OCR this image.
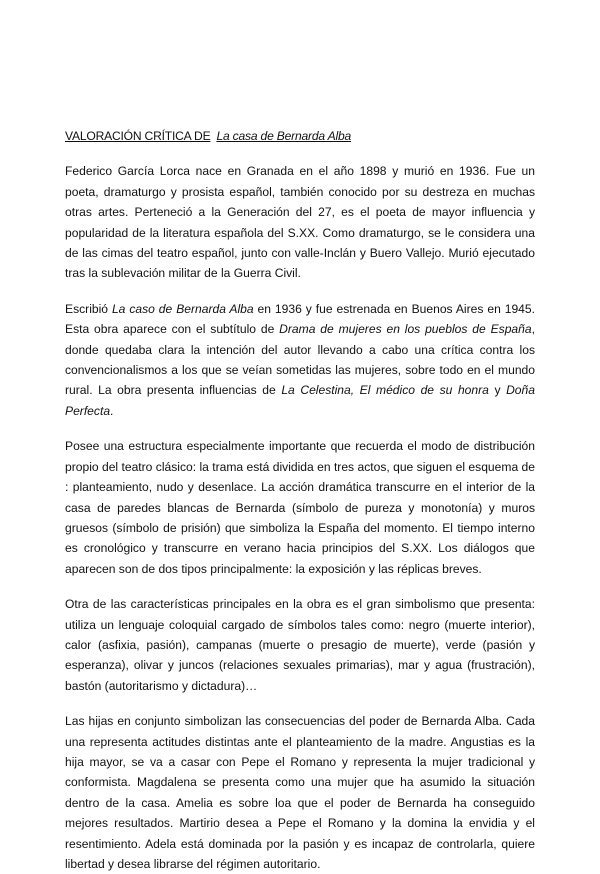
VALORACIÓN CRÍTICA DE La casa de Bernarda Alba

Federico García Lorca nace en Granada en el año 1898 y murió en 1936. Fue un poeta, dramaturgo y prosista español, también conocido por su destreza en muchas otras artes. Perteneció a la Generación del 27, es el poeta de mayor influencia y popularidad de la literatura española del S.XX. Como dramaturgo, se le considera una de las cimas del teatro español, junto con valle-Inclán y Buero Vallejo. Murió ejecutado tras la sublevación militar de la Guerra Civil.

Escribió La caso de Bernarda Alba en 1936 y fue estrenada en Buenos Aires en 1945. Esta obra aparece con el subtítulo de Drama de mujeres en los pueblos de España, donde quedaba clara la intención del autor llevando a cabo una crítica contra los convencionalismos a los que se veían sometidas las mujeres, sobre todo en el mundo rural. La obra presenta influencias de La Celestina, El médico de su honra y Doña Perfecta.

Posee una estructura especialmente importante que recuerda el modo de distribución propio del teatro clásico: la trama está dividida en tres actos, que siguen el esquema de : planteamiento, nudo y desenlace. La acción dramática transcurre en el interior de la casa de paredes blancas de Bernarda (símbolo de pureza y monotonía) y muros gruesos (símbolo de prisión) que simboliza la España del momento. El tiempo interno es cronológico y transcurre en verano hacia principios del S.XX. Los diálogos que aparecen son de dos tipos principalmente: la exposición y las réplicas breves.

Otra de las características principales en la obra es el gran simbolismo que presenta: utiliza un lenguaje coloquial cargado de símbolos tales como: negro (muerte interior), calor (asfixia, pasión), campanas (muerte o presagio de muerte), verde (pasión y esperanza), olivar y juncos (relaciones sexuales primarias), mar y agua (frustración), bastón (autoritarismo y dictadura)…

Las hijas en conjunto simbolizan las consecuencias del poder de Bernarda Alba. Cada una representa actitudes distintas ante el planteamiento de la madre. Angustias es la hija mayor, se va a casar con Pepe el Romano y representa la mujer tradicional y conformista. Magdalena se presenta como una mujer que ha asumido la situación dentro de la casa. Amelia es sobre loa que el poder de Bernarda ha conseguido mejores resultados. Martirio desea a Pepe el Romano y la domina la envidia y el resentimiento. Adela está dominada por la pasión y es incapaz de controlarla, quiere libertad y desea librarse del régimen autoritario.
